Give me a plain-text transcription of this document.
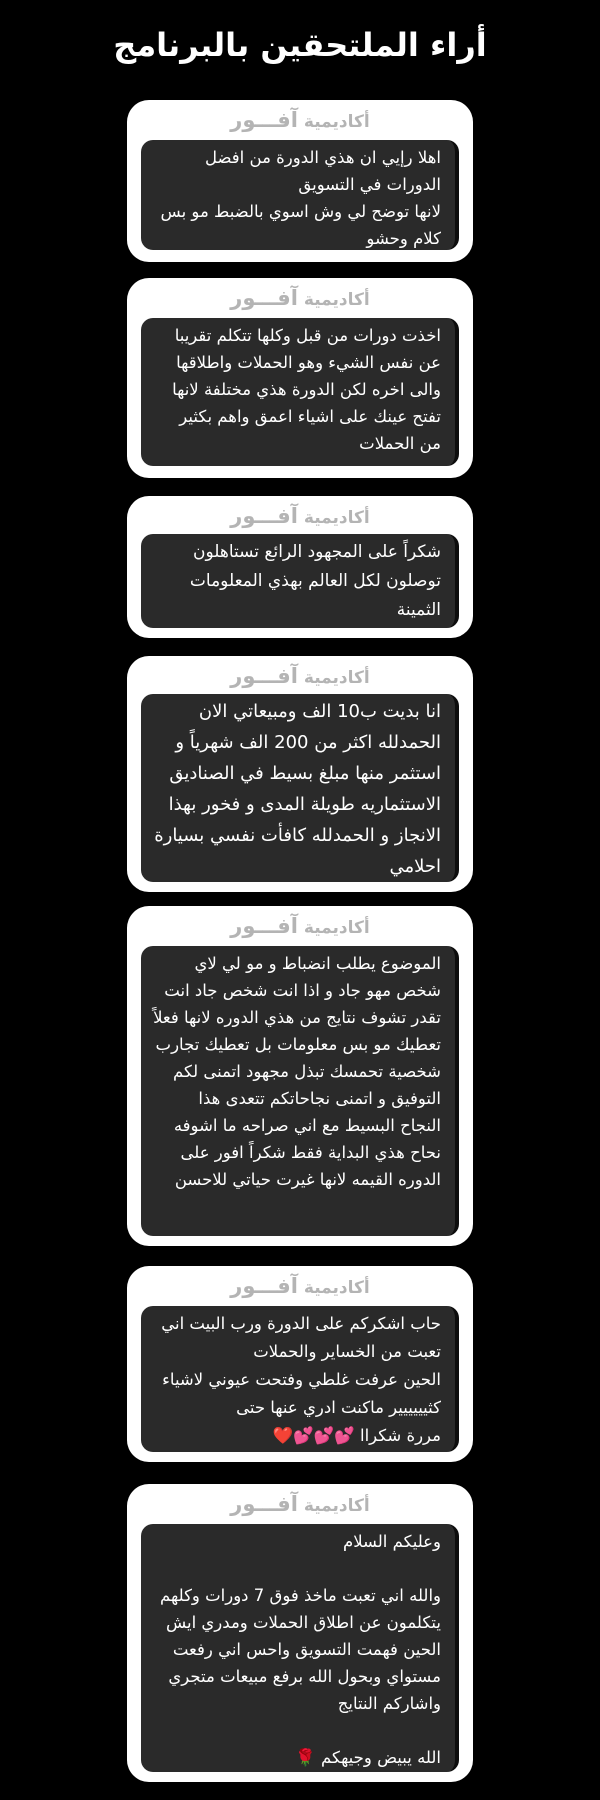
أراء الملتحقين بالبرنامج
أكاديمية آفـــور
اهلا رإيي ان هذي الدورة من افضل الدورات في التسويق
لانها توضح لي وش اسوي بالضبط مو بس كلام وحشو
أكاديمية آفـــور
اخذت دورات من قبل وكلها تتكلم تقريبا عن نفس الشيء وهو الحملات واطلاقها والى اخره لكن الدورة هذي مختلفة لانها تفتح عينك على اشياء اعمق واهم بكثير من الحملات
أكاديمية آفـــور
شكراً على المجهود الرائع تستاهلون توصلون لكل العالم بهذي المعلومات الثمينة
أكاديمية آفـــور
انا بديت ب10 الف ومبيعاتي الان الحمدلله اكثر من 200 الف شهرياً و استثمر منها مبلغ بسيط في الصناديق الاستثماريه طويلة المدى و فخور بهذا الانجاز و الحمدلله كافأت نفسي بسيارة احلامي
أكاديمية آفـــور
الموضوع يطلب انضباط و مو لي لاي شخص مهو جاد و اذا انت شخص جاد انت تقدر تشوف نتايج من هذي الدوره لانها فعلاً تعطيك مو بس معلومات بل تعطيك تجارب شخصية تحمسك تبذل مجهود اتمنى لكم التوفيق و اتمنى نجاحاتكم تتعدى هذا النجاح البسيط مع اني صراحه ما اشوفه نحاح هذي البداية فقط شكراً افور على الدوره القيمه لانها غيرت حياتي للاحسن
أكاديمية آفـــور
حاب اشكركم على الدورة ورب البيت اني تعبت من الخساير والحملات
الحين عرفت غلطي وفتحت عيوني لاشياء كثيييييير ماكنت ادري عنها حتى
مررة شكراا 💕💕💕❤️
أكاديمية آفـــور
وعليكم السلام

والله اني تعبت ماخذ فوق 7 دورات وكلهم يتكلمون عن اطلاق الحملات ومدري ايش الحين فهمت التسويق واحس اني رفعت مستواي وبحول الله برفع مبيعات متجري واشاركم النتايج

الله يبيض وجيهكم 🌹
